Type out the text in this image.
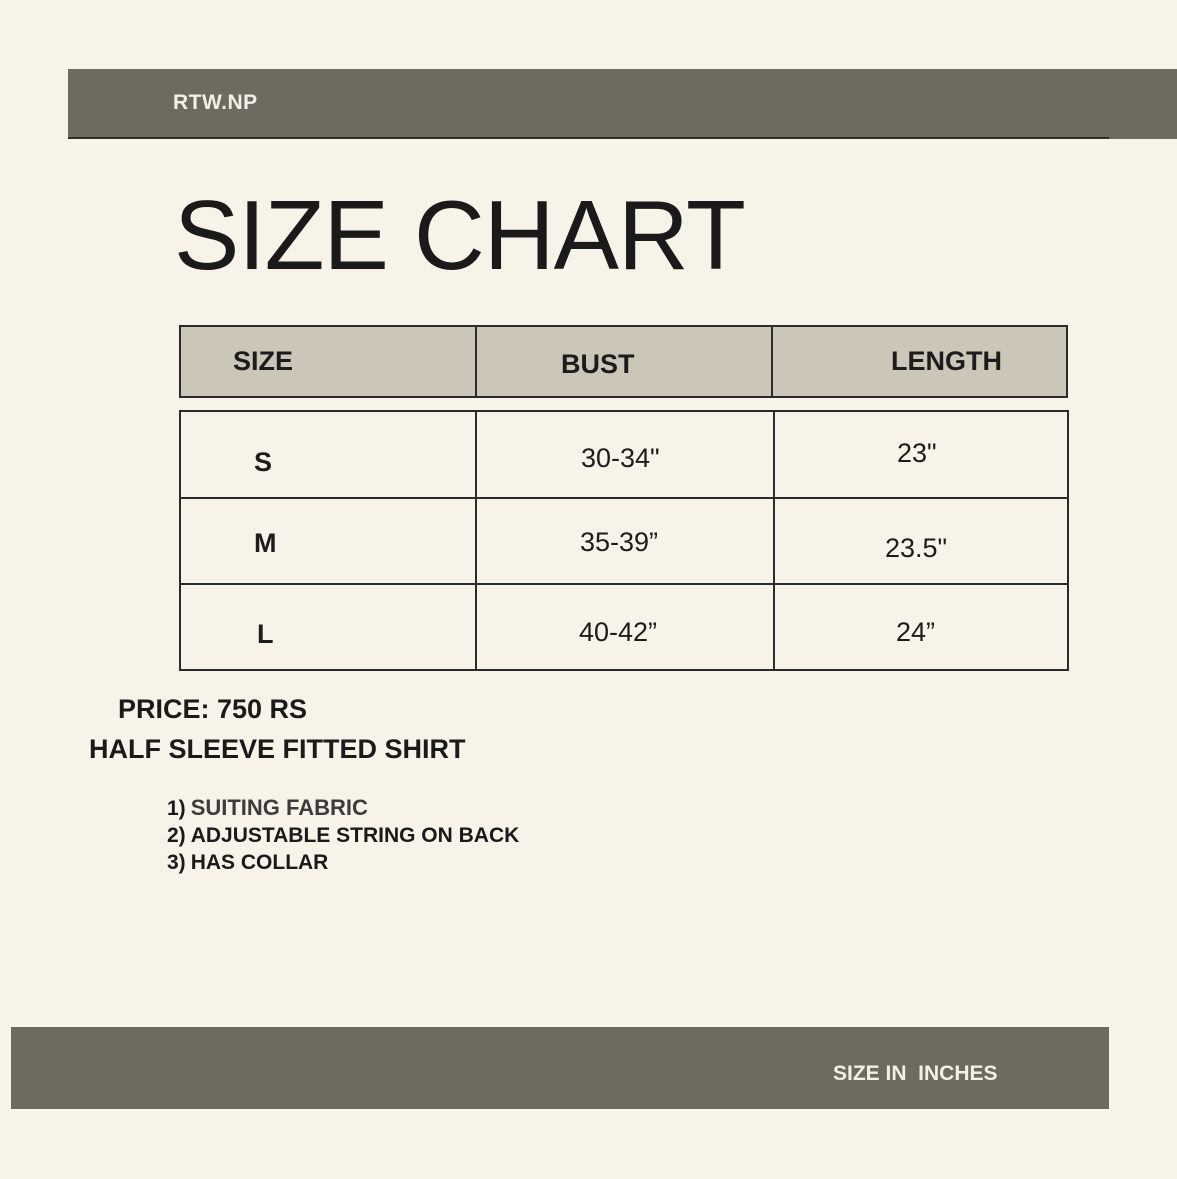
RTW.NP
SIZE CHART
SIZE	BUST	LENGTH
S	30-34"	23"
M	35-39”	23.5"
L	40-42”	24”
PRICE: 750 RS
HALF SLEEVE FITTED SHIRT
1) SUITING FABRIC
2) ADJUSTABLE STRING ON BACK
3) HAS COLLAR
SIZE IN  INCHES
